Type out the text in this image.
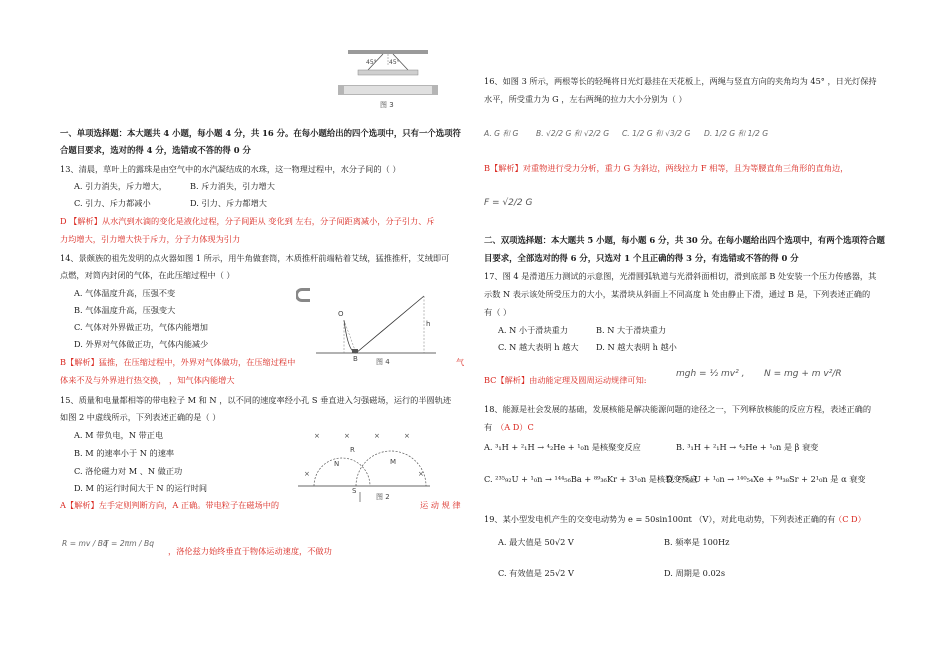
45° 45°
图 3
一、单项选择题：本大题共 4 小题，每小题 4 分，共 16 分。在每小题给出的四个选项中，只有一个选项符
合题目要求，选对的得 4 分，选错或不答的得 0 分
13、清晨，草叶上的露珠是由空气中的水汽凝结成的水珠，这一物理过程中，水分子间的（ ）
A. 引力消失，斥力增大，	B. 斥力消失，引力增大
C. 引力、斥力都减小	D. 引力、斥力都增大
D 【解析】从水汽到水滴的变化是液化过程，分子间距从 变化到 左右，分子间距离减小，分子引力、斥
力均增大，引力增大快于斥力，分子力体现为引力
14、景颇族的祖先发明的点火器如图 1 所示，用牛角做套筒，木质推杆前端粘着艾绒，猛推推杆，艾绒即可
点燃，对筒内封闭的气体，在此压缩过程中（ ）
A. 气体温度升高，压强不变
B. 气体温度升高，压强变大
C. 气体对外界做正功，气体内能增加
D. 外界对气体做正功，气体内能减少
O
B
h
图 4
B【解析】猛推，在压缩过程中，外界对气体做功，在压缩过程中	气
体来不及与外界进行热交换， ，知气体内能增大
15、质量和电量都相等的带电粒子 M 和 N ，以不同的速度率经小孔 S 垂直进入匀强磁场，运行的半圆轨迹
如图 2 中虚线所示，下列表述正确的是（ ）
A. M 带负电，N 带正电
B. M 的速率小于 N 的速率
C. 洛伦磁力对 M 、N 做正功
D. M 的运行时间大于 N 的运行时间
×	×	×	×
×	×
N
R
M
S
图 2
A【解析】左手定则判断方向，A 正确。带电粒子在磁场中的	运 动 规 律
R = mv / Bq
T = 2πm / Bq
，洛伦兹力始终垂直于物体运动速度，不做功
16、如图 3 所示，两根等长的轻绳将日光灯悬挂在天花板上，两绳与竖直方向的夹角均为 45° ，日光灯保持
水平，所受重力为 G ，左右两绳的拉力大小分别为（ ）
A. G 和 G B. √2/2 G 和 √2/2 G C. 1/2 G 和 √3/2 G D. 1/2 G 和 1/2 G
B【解析】对重物进行受力分析，重力 G 为斜边，两线拉力 F 相等，且为等腰直角三角形的直角边，
F = √2/2 G
二、双项选择题：本大题共 5 小题，每小题 6 分，共 30 分。在每小题给出四个选项中，有两个选项符合题
目要求，全部选对的得 6 分，只选对 1 个且正确的得 3 分，有选错或不答的得 0 分
17、图 4 是滑道压力测试的示意图，光滑圆弧轨道与光滑斜面相切，滑到底部 B 处安装一个压力传感器，其
示数 N 表示该处所受压力的大小，某滑块从斜面上不同高度 h 处由静止下滑，通过 B 是，下列表述正确的
有（ ）
A. N 小于滑块重力	B. N 大于滑块重力
C. N 越大表明 h 越大 D. N 越大表明 h 越小
BC【解析】由动能定理及圆周运动规律可知:
mgh = ½ mv² , N = mg + m v²/R
18、能源是社会发展的基础，发展核能是解决能源问题的途径之一，下列释放核能的反应方程，表述正确的
有 （A D）C
A. ³₁H + ²₁H → ⁴₂He + ¹₀n 是核聚变反应	B. ³₁H + ²₁H → ⁴₂He + ¹₀n 是 β 衰变
C. ²³⁵₉₂U + ¹₀n → ¹⁴⁴₅₆Ba + ⁸⁹₃₆Kr + 3¹₀n 是核裂变反应
D. ²³⁵₉₂U + ¹₀n → ¹⁴⁰₅₄Xe + ⁹⁴₃₈Sr + 2¹₀n 是 α 衰变
19、某小型发电机产生的交变电动势为 e = 50sin100πt （V），对此电动势，下列表述正确的有
（C D）
A. 最大值是 50√2 V	B. 频率是 100Hz
C. 有效值是 25√2 V	D. 周期是 0.02s
